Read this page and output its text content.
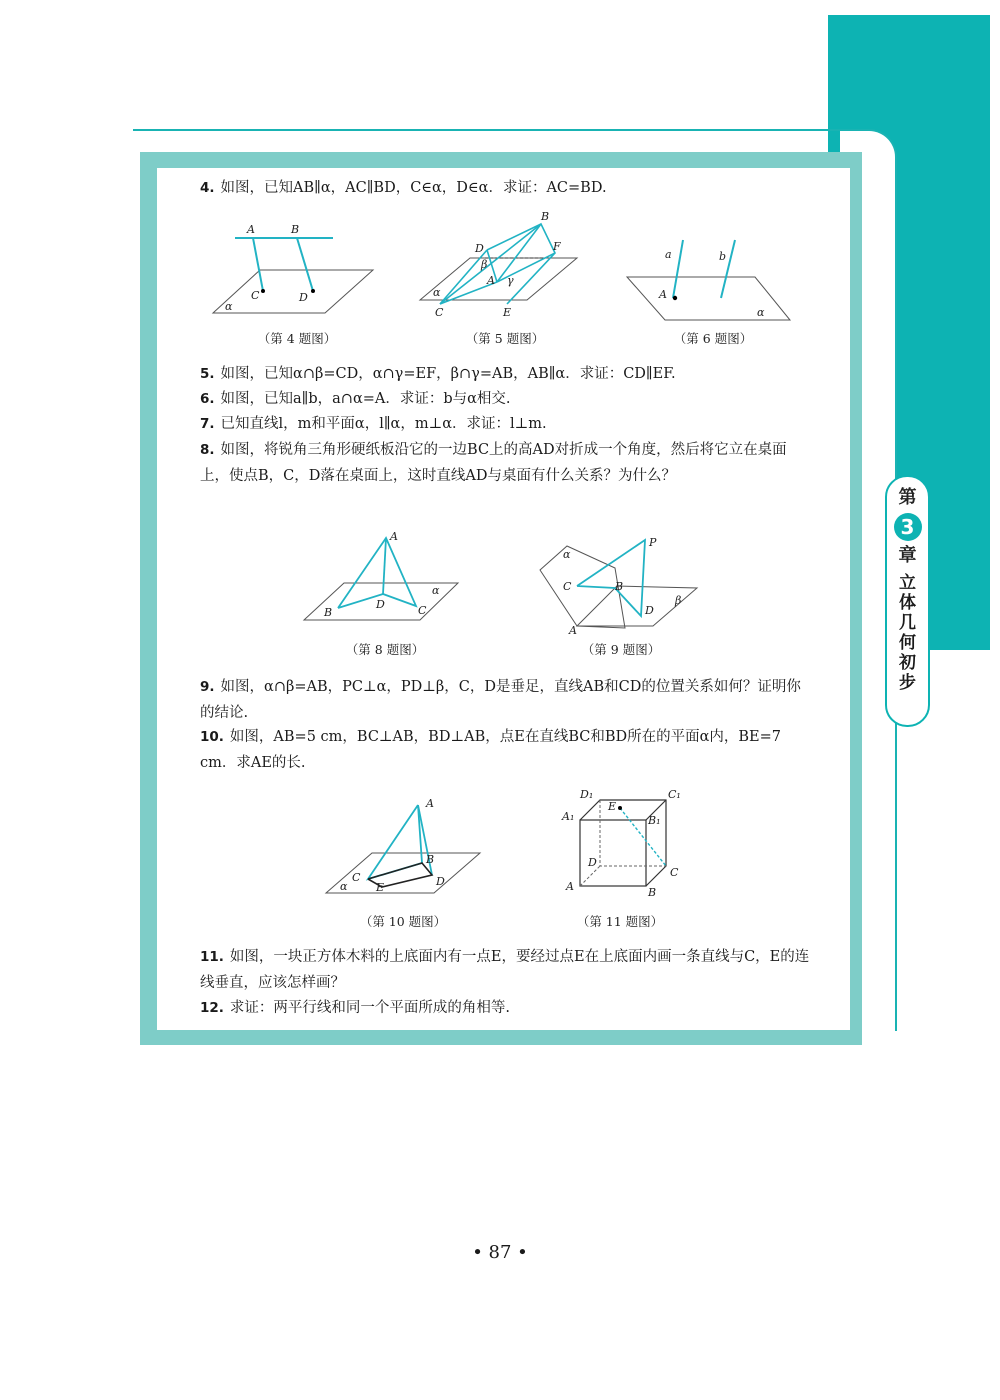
第
3
章
立体几何初步
4. 如图，已知AB∥α，AC∥BD，C∈α，D∈α．求证：AC=BD.
A	B
C	D
α
（第 4 题图）
B
D	F
β
A γ
α
C	E
（第 5 题图）
a	b
A
α
（第 6 题图）
5. 如图，已知α∩β=CD，α∩γ=EF，β∩γ=AB，AB∥α．求证：CD∥EF.
6. 如图，已知a∥b，a∩α=A．求证：b与α相交.
7. 已知直线l，m和平面α，l∥α，m⊥α．求证：l⊥m.
8. 如图，将锐角三角形硬纸板沿它的一边BC上的高AD对折成一个角度，然后将它立在桌面上，使点B，C，D落在桌面上，这时直线AD与桌面有什么关系？为什么？
A
α
B
D	C
（第 8 题图）
α
P
C	B
β
D
A
（第 9 题图）
9. 如图，α∩β=AB，PC⊥α，PD⊥β，C，D是垂足，直线AB和CD的位置关系如何？证明你的结论.
10. 如图，AB=5 cm，BC⊥AB，BD⊥AB，点E在直线BC和BD所在的平面α内，BE=7 cm．求AE的长.
A
B
α
C
E	D
（第 10 题图）
D₁	C₁
E
A₁	B₁
D
C
A	B
（第 11 题图）
11. 如图，一块正方体木料的上底面内有一点E，要经过点E在上底面内画一条直线与C，E的连线垂直，应该怎样画？
12. 求证：两平行线和同一个平面所成的角相等.
• 87 •
